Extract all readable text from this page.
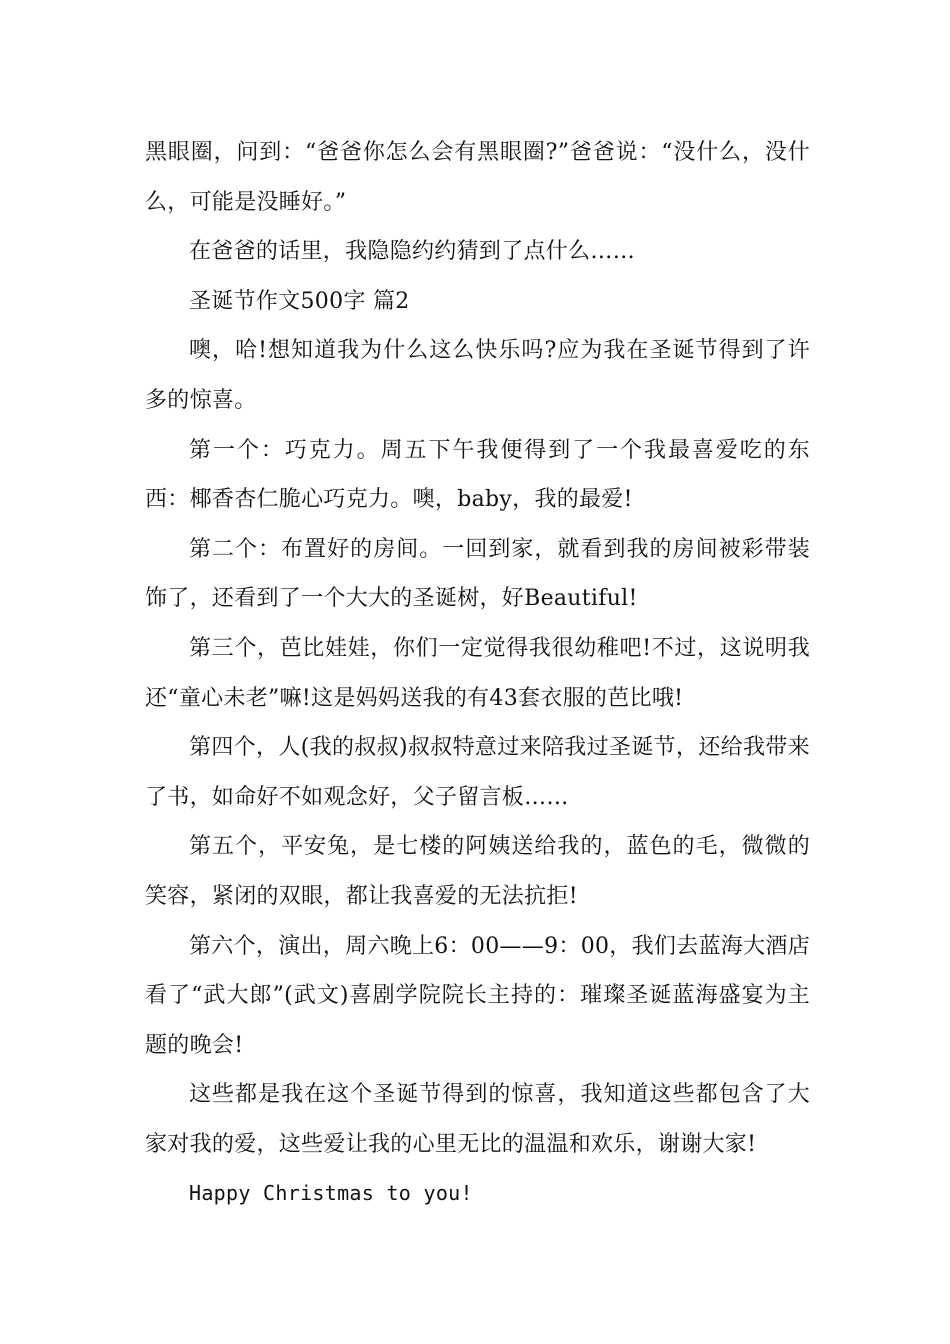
黑眼圈，问到：“爸爸你怎么会有黑眼圈?”爸爸说：“没什么，没什么，可能是没睡好。”

在爸爸的话里，我隐隐约约猜到了点什么……

圣诞节作文500字 篇2

噢，哈!想知道我为什么这么快乐吗?应为我在圣诞节得到了许多的惊喜。

第一个：巧克力。周五下午我便得到了一个我最喜爱吃的东西：椰香杏仁脆心巧克力。噢，baby，我的最爱!

第二个：布置好的房间。一回到家，就看到我的房间被彩带装饰了，还看到了一个大大的圣诞树，好Beautiful!

第三个，芭比娃娃，你们一定觉得我很幼稚吧!不过，这说明我还“童心未老”嘛!这是妈妈送我的有43套衣服的芭比哦!

第四个，人(我的叔叔)叔叔特意过来陪我过圣诞节，还给我带来了书，如命好不如观念好，父子留言板……

第五个，平安兔，是七楼的阿姨送给我的，蓝色的毛，微微的笑容，紧闭的双眼，都让我喜爱的无法抗拒!

第六个，演出，周六晚上6：00——9：00，我们去蓝海大酒店看了“武大郎”(武文)喜剧学院院长主持的：璀璨圣诞蓝海盛宴为主题的晚会!

这些都是我在这个圣诞节得到的惊喜，我知道这些都包含了大家对我的爱，这些爱让我的心里无比的温温和欢乐，谢谢大家!

Happy Christmas to you!
